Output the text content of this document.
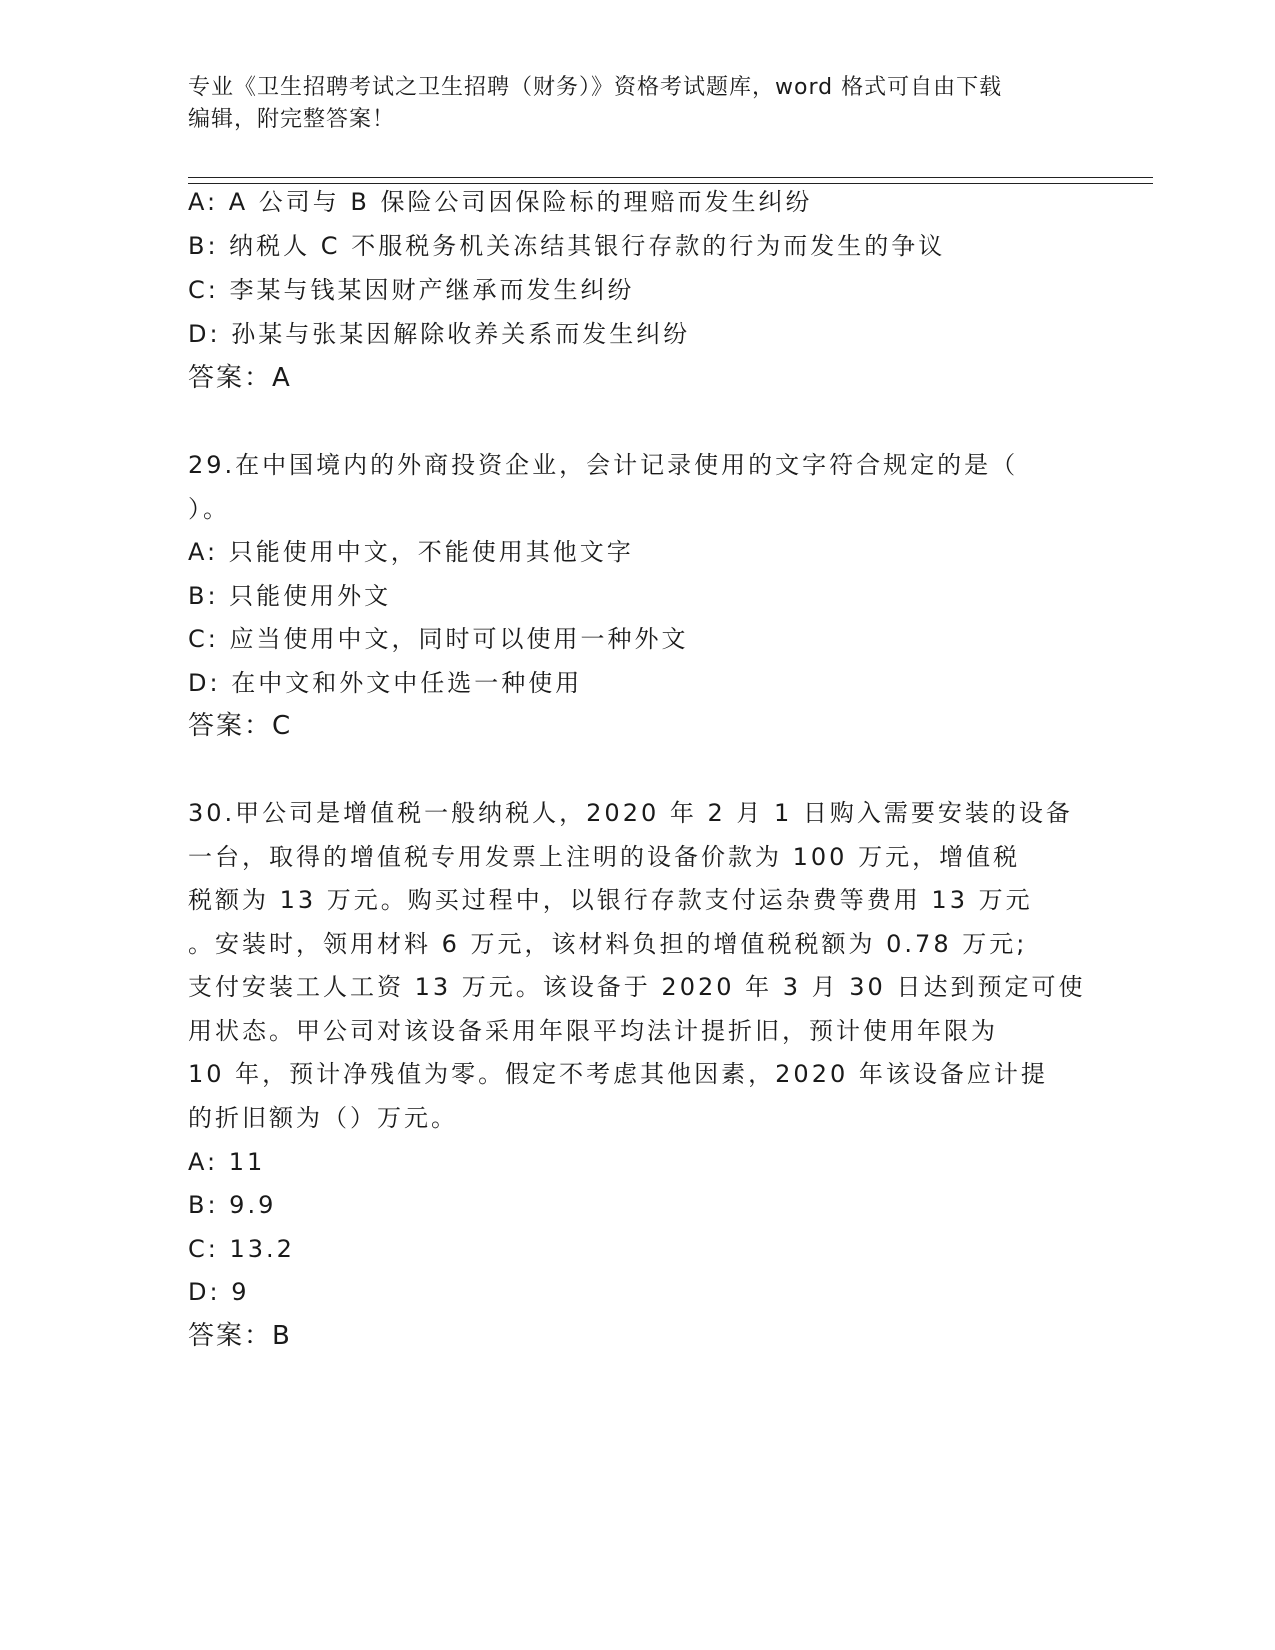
专业《卫生招聘考试之卫生招聘（财务）》资格考试题库，word 格式可自由下载
编辑，附完整答案！
A: A 公司与 B 保险公司因保险标的理赔而发生纠纷
B: 纳税人 C 不服税务机关冻结其银行存款的行为而发生的争议
C: 李某与钱某因财产继承而发生纠纷
D: 孙某与张某因解除收养关系而发生纠纷
答案：A
29.在中国境内的外商投资企业，会计记录使用的文字符合规定的是（
）。
A: 只能使用中文，不能使用其他文字
B: 只能使用外文
C: 应当使用中文，同时可以使用一种外文
D: 在中文和外文中任选一种使用
答案：C
30.甲公司是增值税一般纳税人，2020 年 2 月 1 日购入需要安装的设备
一台，取得的增值税专用发票上注明的设备价款为 100 万元，增值税
税额为 13 万元。购买过程中，以银行存款支付运杂费等费用 13 万元
。安装时，领用材料 6 万元，该材料负担的增值税税额为 0.78 万元;
支付安装工人工资 13 万元。该设备于 2020 年 3 月 30 日达到预定可使
用状态。甲公司对该设备采用年限平均法计提折旧，预计使用年限为
10 年，预计净残值为零。假定不考虑其他因素，2020 年该设备应计提
的折旧额为（）万元。
A: 11
B: 9.9
C: 13.2
D: 9
答案：B
